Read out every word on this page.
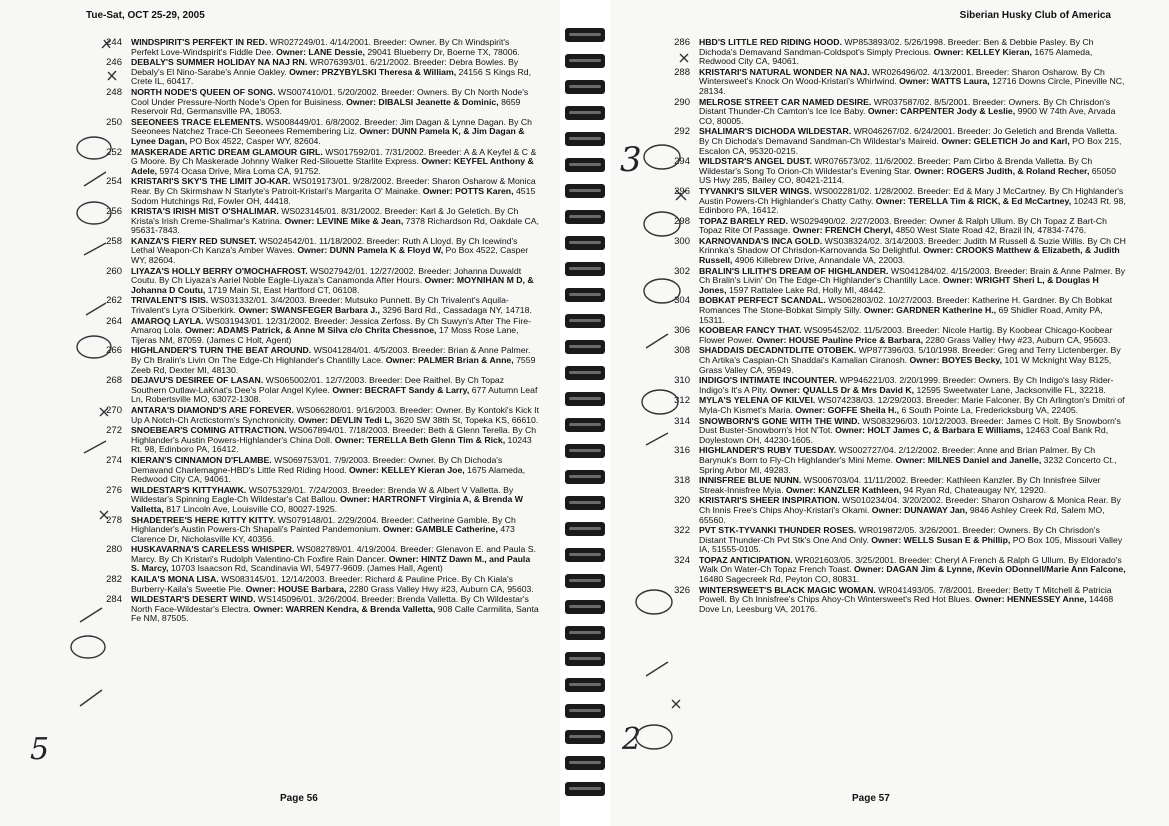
Tue-Sat, OCT 25-29, 2005
244 WINDSPIRIT'S PERFEKT IN RED. WR027249/01. 4/14/2001. Breeder: Owner. By Ch Windspirit's Perfekt Love-Windspirit's Fiddle Dee. Owner: LANE Dessie, 29041 Blueberry Dr, Boerne TX, 78006.
246 DEBALY'S SUMMER HOLIDAY NA NAJ RN. WR076393/01. 6/21/2002. Breeder: Debra Bowles. By Debaly's El Nino-Sarabe's Annie Oakley. Owner: PRZYBYLSKI Theresa & William, 24156 S Kings Rd, Crete IL, 60417.
248 NORTH NODE'S QUEEN OF SONG. WS007410/01. 5/20/2002. Breeder: Owners. By Ch North Node's Cool Under Pressure-North Node's Open for Buisiness. Owner: DIBALSI Jeanette & Dominic, 8659 Reservoir Rd, Germansville PA, 18053.
250 SEEONEES TRACE ELEMENTS. WS008449/01. 6/8/2002. Breeder: Jim Dagan & Lynne Dagan. By Ch Seeonees Natchez Trace-Ch Seeonees Remembering Liz. Owner: DUNN Pamela K, & Jim Dagan & Lynee Dagan, PO Box 4522, Casper WY, 82604.
252 MASKERADE ARTIC DREAM GLAMOUR GIRL. WS017592/01. 7/31/2002. Breeder: A & A Keyfel & C & G Moore. By Ch Maskerade Johnny Walker Red-Silouette Starlite Express. Owner: KEYFEL Anthony & Adele, 5974 Ocasa Drive, Mira Loma CA, 91752.
254 KRISTARI'S SKY'S THE LIMIT JO-KAR. WS019173/01. 9/28/2002. Breeder: Sharon Osharow & Monica Rear. By Ch Skirmshaw N Starlyte's Patroit-Kristari's Margarita O' Mainake. Owner: POTTS Karen, 4515 Sodom Hutchings Rd, Fowler OH, 44418.
256 KRISTA'S IRISH MIST O'SHALIMAR. WS023145/01. 8/31/2002. Breeder: Karl & Jo Geletich. By Ch Krista's Irish Creme-Shalimar's Katrina. Owner: LEVINE Mike & Jean, 7378 Richardson Rd, Oakdale CA, 95631-7843.
258 KANZA'S FIERY RED SUNSET. WS024542/01. 11/18/2002. Breeder: Ruth A Lloyd. By Ch Icewind's Lethal Weapon-Ch Kanza's Amber Waves. Owner: DUNN Pamela K & Floyd W, Po Box 4522, Casper WY, 82604.
260 LIYAZA'S HOLLY BERRY O'MOCHAFROST. WS027942/01. 12/27/2002. Breeder: Johanna Duwaldt Coutu. By Ch Liyaza's Aariel Noble Eagle-Liyaza's Canamonda After Hours. Owner: MOYNIHAN M D, & Johanna D Coutu, 1719 Main St, East Hartford CT, 06108.
262 TRIVALENT'S ISIS. WS031332/01. 3/4/2003. Breeder: Mutsuko Punnett. By Ch Trivalent's Aquila-Trivalent's Lyra O'Siberkirk. Owner: SWANSFEGER Barbara J., 3296 Bard Rd., Cassadaga NY, 14718.
264 AMAROQ LAYLA. WS031943/01. 12/31/2002. Breeder: Jessica Zerfoss. By Ch Suwyn's After The Fire-Amaroq Lola. Owner: ADAMS Patrick, & Anne M Silva c/o Chrita Chessnoe, 17 Moss Rose Lane, Tijeras NM, 87059. (James C Holt, Agent)
266 HIGHLANDER'S TURN THE BEAT AROUND. WS041284/01. 4/5/2003. Breeder: Brian & Anne Palmer. By Ch Bralin's Livin On The Edge-Ch Highlander's Chantilly Lace. Owner: PALMER Brian & Anne, 7559 Zeeb Rd, Dexter MI, 48130.
268 DEJAVU'S DESIREE OF LASAN. WS065002/01. 12/7/2003. Breeder: Dee Raithel. By Ch Topaz Southern Outlaw-LaKnat's Dee's Polar Angel Kylee. Owner: BECRAFT Sandy & Larry, 677 Autumn Leaf Ln, Robertsville MO, 63072-1308.
270 ANTARA'S DIAMOND'S ARE FOREVER. WS066280/01. 9/16/2003. Breeder: Owner. By Kontoki's Kick It Up A Notch-Ch Arcticstorm's Synchronicity. Owner: DEVLIN Tedi L, 3620 SW 38th St, Topeka KS, 66610.
272 SNOEBEAR'S COMING ATTRACTION. WS067894/01. 7/18/2003. Breeder: Beth & Glenn Terella. By Ch Highlander's Austin Powers-Highlander's China Doll. Owner: TERELLA Beth Glenn Tim & Rick, 10243 Rt. 98, Edinboro PA, 16412.
274 KIERAN'S CINNAMON D'FLAMBE. WS069753/01. 7/9/2003. Breeder: Owner. By Ch Dichoda's Demavand Charlemagne-HBD's Little Red Riding Hood. Owner: KELLEY Kieran Joe, 1675 Alameda, Redwood City CA, 94061.
276 WILDESTAR'S KITTYHAWK. WS075329/01. 7/24/2003. Breeder: Brenda W & Albert V Valletta. By Wildestar's Spinning Eagle-Ch Wildestar's Cat Ballou. Owner: HARTRONFT Virginia A, & Brenda W Valletta, 817 Lincoln Ave, Louisville CO, 80027-1925.
278 SHADETREE'S HERE KITTY KITTY. WS079148/01. 2/29/2004. Breeder: Catherine Gamble. By Ch Highlander's Austin Powers-Ch Shapali's Painted Pandemonium. Owner: GAMBLE Catherine, 473 Clarence Dr, Nicholasville KY, 40356.
280 HUSKAVARNA'S CARELESS WHISPER. WS082789/01. 4/19/2004. Breeder: Glenavon E. and Paula S. Marcy. By Ch Kristari's Rudolph Valentino-Ch Foxfire Rain Dancer. Owner: HINTZ Dawn M., and Paula S. Marcy, 10703 Isaacson Rd, Scandinavia WI, 54977-9609. (James Hall, Agent)
282 KAILA'S MONA LISA. WS083145/01. 12/14/2003. Breeder: Richard & Pauline Price. By Ch Kiala's Burberry-Kaila's Sweetie Pie. Owner: HOUSE Barbara, 2280 Grass Valley Hwy #23, Auburn CA, 95603.
284 WILDESTAR'S DESERT WIND. WS145096/01. 3/26/2004. Breeder: Brenda Valletta. By Ch Wildestar's North Face-Wildestar's Electra. Owner: WARREN Kendra, & Brenda Valletta, 908 Calle Carmilita, Santa Fe NM, 87505.
Page 56
Siberian Husky Club of America
286 HBD'S LITTLE RED RIDING HOOD. WP853893/02. 5/26/1998. Breeder: Ben & Debbie Pasley. By Ch Dichoda's Demavand Sandman-Coldspot's Simply Precious. Owner: KELLEY Kieran, 1675 Alameda, Redwood City CA, 94061.
288 KRISTARI'S NATURAL WONDER NA NAJ. WR026496/02. 4/13/2001. Breeder: Sharon Osharow. By Ch Wintersweet's Knock On Wood-Kristari's Whirlwind. Owner: WATTS Laura, 12716 Downs Circle, Pineville NC, 28134.
290 MELROSE STREET CAR NAMED DESIRE. WR037587/02. 8/5/2001. Breeder: Owners. By Ch Chrisdon's Distant Thunder-Ch Camton's Ice Ice Baby. Owner: CARPENTER Jody & Leslie, 9900 W 74th Ave, Arvada CO, 80005.
292 SHALIMAR'S DICHODA WILDESTAR. WR046267/02. 6/24/2001. Breeder: Jo Geletich and Brenda Valletta. By Ch Dichoda's Demavand Sandman-Ch Wildestar's Maireid. Owner: GELETICH Jo and Karl, PO Box 215, Escalon CA, 95320-0215.
294 WILDSTAR'S ANGEL DUST. WR076573/02. 11/6/2002. Breeder: Pam Cirbo & Brenda Valletta. By Ch Wildestar's Song To Orion-Ch Wildestar's Evening Star. Owner: ROGERS Judith, & Roland Recher, 65050 US Hwy 285, Bailey CO, 80421-2114.
296 TYVANKI'S SILVER WINGS. WS002281/02. 1/28/2002. Breeder: Ed & Mary J McCartney. By Ch Highlander's Austin Powers-Ch Highlander's Chatty Cathy. Owner: TERELLA Tim & RICK, & Ed McCartney, 10243 Rt. 98, Edinboro PA, 16412.
298 TOPAZ BARELY RED. WS029490/02. 2/27/2003. Breeder: Owner & Ralph Ullum. By Ch Topaz Z Bart-Ch Topaz Rite Of Passage. Owner: FRENCH Cheryl, 4850 West State Road 42, Brazil IN, 47834-7476.
300 KARNOVANDA'S INCA GOLD. WS038324/02. 3/14/2003. Breeder: Judith M Russell & Suzie Willis. By Ch CH Krinnka's Shadow Of Chrisdon-Karnovanda So Delightful. Owner: CROOKS Matthew & Elizabeth, & Judith Russell, 4906 Killebrew Drive, Annandale VA, 22003.
302 BRALIN'S LILITH'S DREAM OF HIGHLANDER. WS041284/02. 4/15/2003. Breeder: Brain & Anne Palmer. By Ch Bralin's Livin' On The Edge-Ch Highlander's Chantilly Lace. Owner: WRIGHT Sheri L, & Douglas H Jones, 1597 Rattalee Lake Rd, Holly MI, 48442.
304 BOBKAT PERFECT SCANDAL. WS062803/02. 10/27/2003. Breeder: Katherine H. Gardner. By Ch Bobkat Romances The Stone-Bobkat Simply Silly. Owner: GARDNER Katherine H., 69 Shidler Road, Amity PA, 15311.
306 KOOBEAR FANCY THAT. WS095452/02. 11/5/2003. Breeder: Nicole Hartig. By Koobear Chicago-Koobear Flower Power. Owner: HOUSE Pauline Price & Barbara, 2280 Grass Valley Hwy #23, Auburn CA, 95603.
308 SHADDAIS DECADNTDLITE OTOBEK. WP877396/03. 5/10/1998. Breeder: Greg and Terry Lictenberger. By Ch Artika's Caspian-Ch Shaddai's Kamalian Ciranosh. Owner: BOYES Becky, 101 W Mcknight Way B125, Grass Valley CA, 95949.
310 INDIGO'S INTIMATE INCOUNTER. WP946221/03. 2/20/1999. Breeder: Owners. By Ch Indigo's Iasy Rider-Indigo's It's A Pity. Owner: QUALLS Dr & Mrs David K, 12595 Sweetwater Lane, Jacksonville FL, 32218.
312 MYLA'S YELENA OF KILVEI. WS074238/03. 12/29/2003. Breeder: Marie Falconer. By Ch Arlington's Dmitri of Myla-Ch Kismet's Maria. Owner: GOFFE Sheila H., 6 South Pointe La, Fredericksburg VA, 22405.
314 SNOWBORN'S GONE WITH THE WIND. WS083296/03. 10/12/2003. Breeder: James C Holt. By Snowborn's Dust Buster-Snowborn's Hot N'Tot. Owner: HOLT James C, & Barbara E Williams, 12463 Coal Bank Rd, Doylestown OH, 44230-1605.
316 HIGHLANDER'S RUBY TUESDAY. WS002727/04. 2/12/2002. Breeder: Anne and Brian Palmer. By Ch Barynuk's Born to Fly-Ch Highlander's Mini Meme. Owner: MILNES Daniel and Janelle, 3232 Concerto Ct., Spring Arbor MI, 49283.
318 INNISFREE BLUE NUNN. WS006703/04. 11/11/2002. Breeder: Kathleen Kanzler. By Ch Innisfree Silver Streak-Innisfree Myia. Owner: KANZLER Kathleen, 94 Ryan Rd, Chateaugay NY, 12920.
320 KRISTARI'S SHEER INSPIRATION. WS010234/04. 3/20/2002. Breeder: Sharon Osharow & Monica Rear. By Ch Innis Free's Chips Ahoy-Kristari's Okami. Owner: DUNAWAY Jan, 9846 Ashley Creek Rd, Salem MO, 65560.
322 PVT STK-TYVANKI THUNDER ROSES. WR019872/05. 3/26/2001. Breeder: Owners. By Ch Chrisdon's Distant Thunder-Ch Pvt Stk's One And Only. Owner: WELLS Susan E & Phillip, PO Box 105, Missouri Valley IA, 51555-0105.
324 TOPAZ ANTICIPATION. WR021603/05. 3/25/2001. Breeder: Cheryl A French & Ralph G Ullum. By Eldorado's Walk On Water-Ch Topaz French Toast. Owner: DAGAN Jim & Lynne, /Kevin ODonnell/Marie Ann Falcone, 16480 Sagecreek Rd, Peyton CO, 80831.
326 WINTERSWEET'S BLACK MAGIC WOMAN. WR041493/05. 7/8/2001. Breeder: Betty T Mitchell & Patricia Powell. By Ch Innisfree's Chips Ahoy-Ch Wintersweet's Red Hot Blues. Owner: HENNESSEY Anne, 14468 Dove Ln, Leesburg VA, 20176.
Page 57
5
3
2
